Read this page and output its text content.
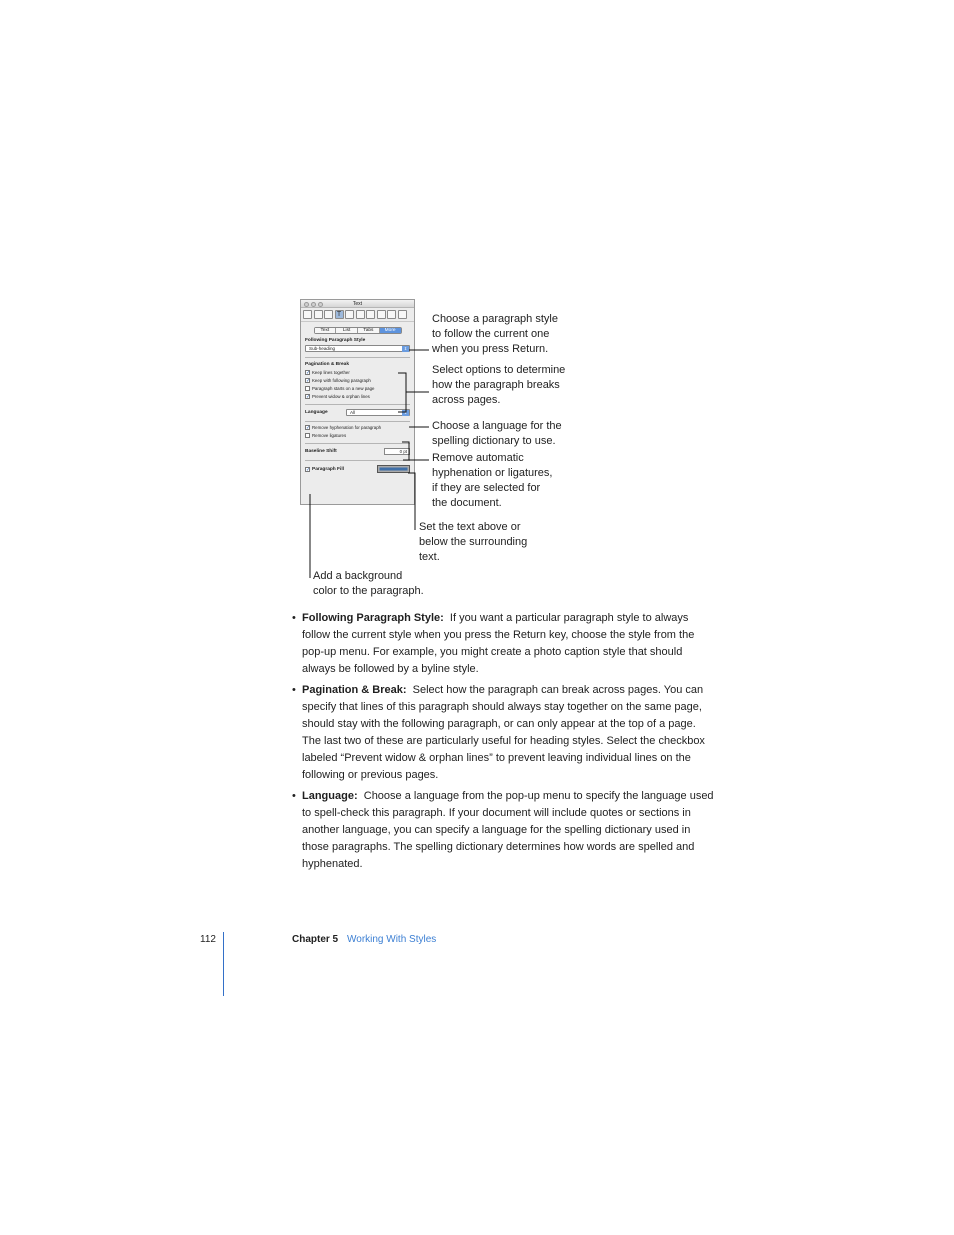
Text
T
Text	List	Tabs	More
Following Paragraph Style
Sub-heading	⇕
Pagination & Break
✓ Keep lines together
✓ Keep with following paragraph
Paragraph starts on a new page
✓ Prevent widow & orphan lines
Language	All	⇕
✓ Remove hyphenation for paragraph
Remove ligatures
Baseline Shift	0 pt
✓ Paragraph Fill
Choose a paragraph style
to follow the current one
when you press Return.
Select options to determine
how the paragraph breaks
across pages.
Choose a language for the
spelling dictionary to use.
Remove automatic
hyphenation or ligatures,
if they are selected for
the document.
Set the text above or
below the surrounding
text.
Add a background
color to the paragraph.
• Following Paragraph Style: If you want a particular paragraph style to always
follow the current style when you press the Return key, choose the style from the
pop-up menu. For example, you might create a photo caption style that should
always be followed by a byline style.
• Pagination & Break: Select how the paragraph can break across pages. You can
specify that lines of this paragraph should always stay together on the same page,
should stay with the following paragraph, or can only appear at the top of a page.
The last two of these are particularly useful for heading styles. Select the checkbox
labeled “Prevent widow & orphan lines” to prevent leaving individual lines on the
following or previous pages.
• Language: Choose a language from the pop-up menu to specify the language used
to spell-check this paragraph. If your document will include quotes or sections in
another language, you can specify a language for the spelling dictionary used in
those paragraphs. The spelling dictionary determines how words are spelled and
hyphenated.
112	Chapter 5 Working With Styles
